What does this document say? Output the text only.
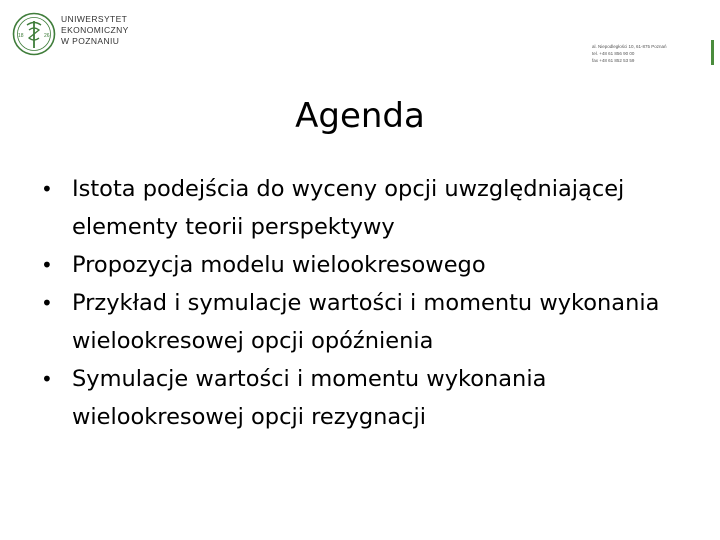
18	26
UNIWERSYTET
EKONOMICZNY
W POZNANIU
al. Niepodległości 10, 61-875 Poznań
tel. +48 61 856 90 00
fax +48 61 852 53 59
Agenda
• Istota podejścia do wyceny opcji uwzględniającej elementy teorii perspektywy
• Propozycja modelu wielookresowego
• Przykład i symulacje wartości i momentu wykonania wielookresowej opcji opóźnienia
• Symulacje wartości i momentu wykonania wielookresowej opcji rezygnacji
